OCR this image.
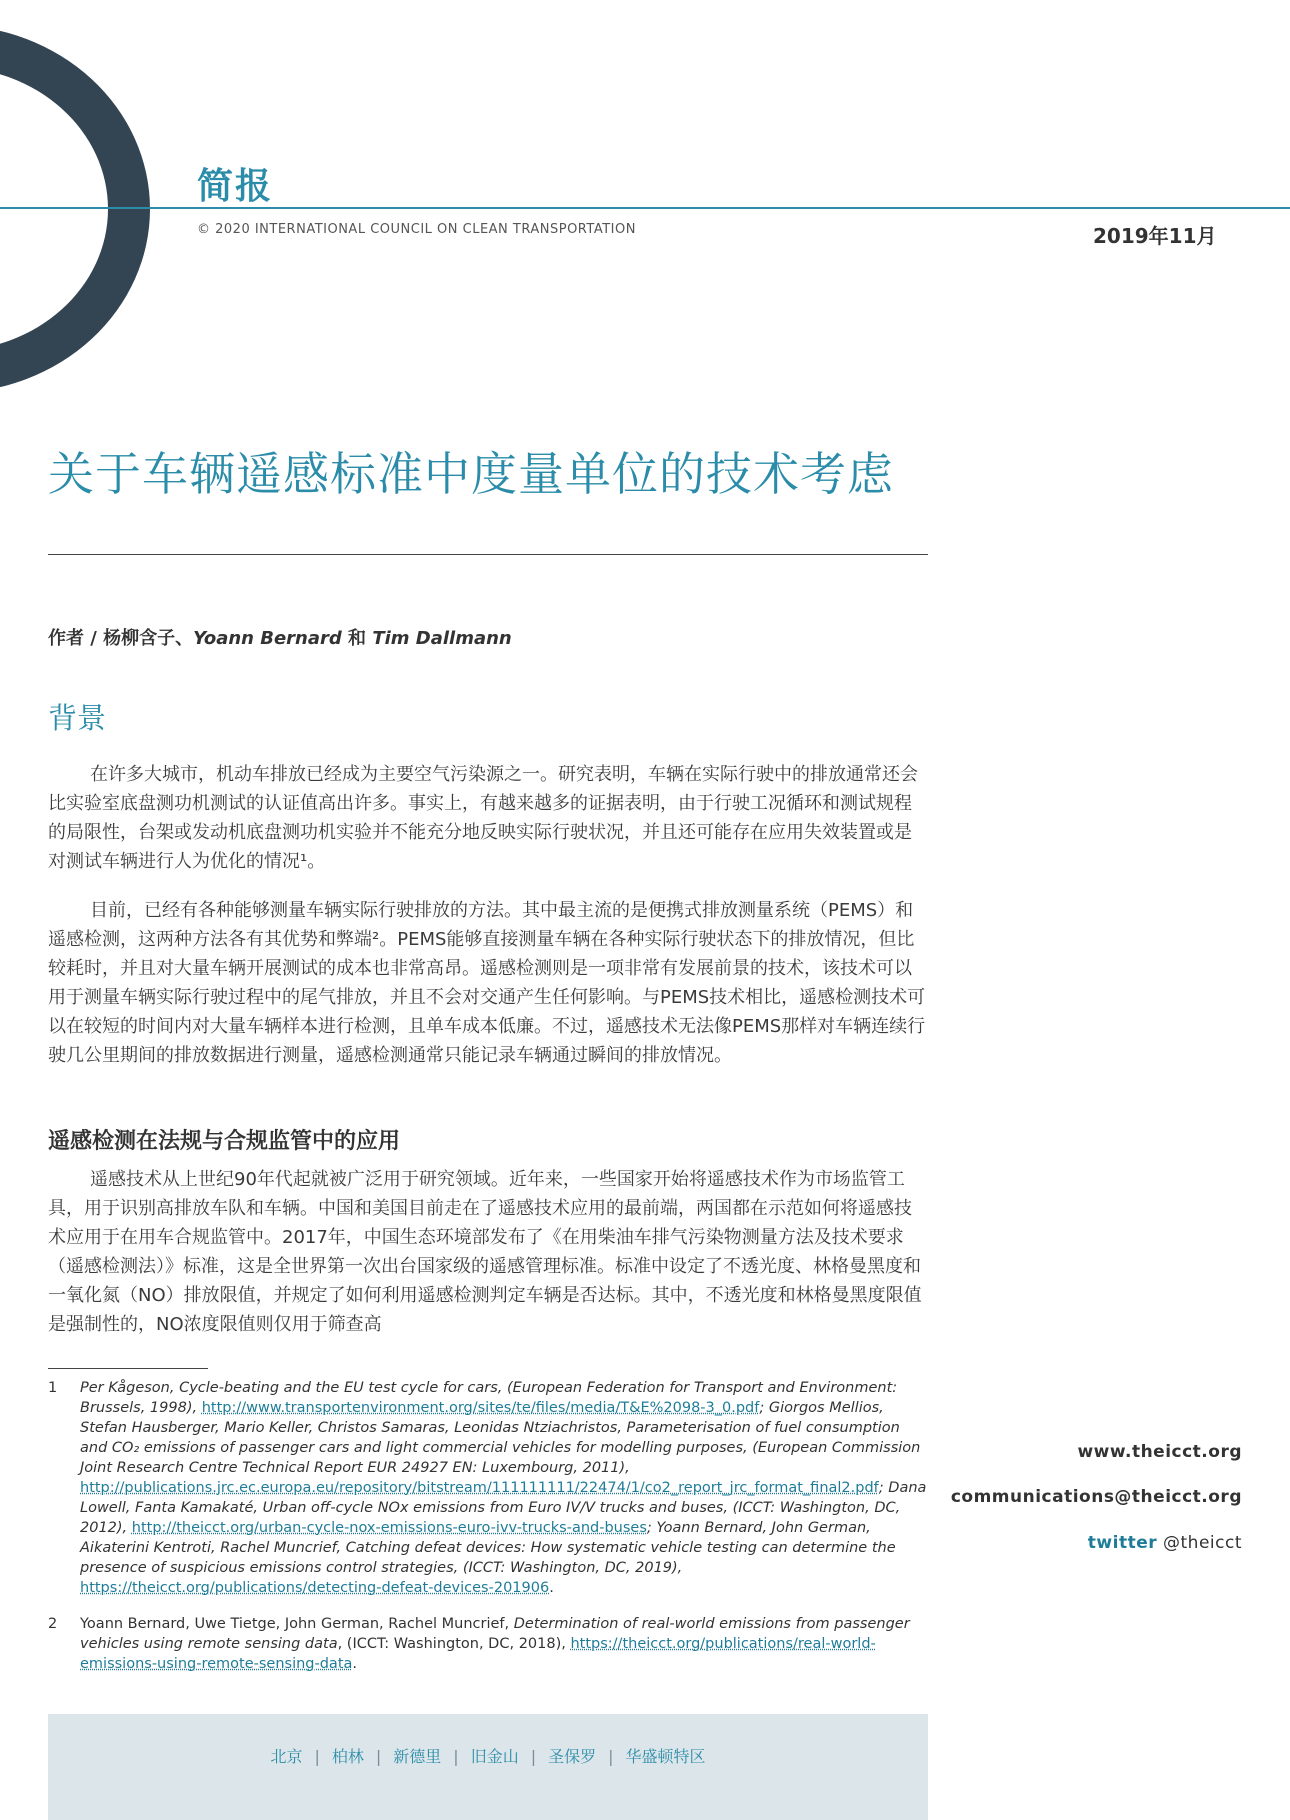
简报
© 2020 INTERNATIONAL COUNCIL ON CLEAN TRANSPORTATION	2019年11月
关于车辆遥感标准中度量单位的技术考虑
作者 / 杨柳含子、Yoann Bernard 和 Tim Dallmann
背景

在许多大城市，机动车排放已经成为主要空气污染源之一。研究表明，车辆在实际行驶中的排放通常还会比实验室底盘测功机测试的认证值高出许多。事实上，有越来越多的证据表明，由于行驶工况循环和测试规程的局限性，台架或发动机底盘测功机实验并不能充分地反映实际行驶状况，并且还可能存在应用失效装置或是对测试车辆进行人为优化的情况¹。

目前，已经有各种能够测量车辆实际行驶排放的方法。其中最主流的是便携式排放测量系统（PEMS）和遥感检测，这两种方法各有其优势和弊端²。PEMS能够直接测量车辆在各种实际行驶状态下的排放情况，但比较耗时，并且对大量车辆开展测试的成本也非常高昂。遥感检测则是一项非常有发展前景的技术，该技术可以用于测量车辆实际行驶过程中的尾气排放，并且不会对交通产生任何影响。与PEMS技术相比，遥感检测技术可以在较短的时间内对大量车辆样本进行检测，且单车成本低廉。不过，遥感技术无法像PEMS那样对车辆连续行驶几公里期间的排放数据进行测量，遥感检测通常只能记录车辆通过瞬间的排放情况。

遥感检测在法规与合规监管中的应用

遥感技术从上世纪90年代起就被广泛用于研究领域。近年来，一些国家开始将遥感技术作为市场监管工具，用于识别高排放车队和车辆。中国和美国目前走在了遥感技术应用的最前端，两国都在示范如何将遥感技术应用于在用车合规监管中。2017年，中国生态环境部发布了《在用柴油车排气污染物测量方法及技术要求（遥感检测法）》标准，这是全世界第一次出台国家级的遥感管理标准。标准中设定了不透光度、林格曼黑度和一氧化氮（NO）排放限值，并规定了如何利用遥感检测判定车辆是否达标。其中，不透光度和林格曼黑度限值是强制性的，NO浓度限值则仅用于筛查高

1 Per Kågeson, Cycle-beating and the EU test cycle for cars, (European Federation for Transport and Environment: Brussels, 1998), http://www.transportenvironment.org/sites/te/files/media/T&E%2098-3_0.pdf; Giorgos Mellios, Stefan Hausberger, Mario Keller, Christos Samaras, Leonidas Ntziachristos, Parameterisation of fuel consumption and CO₂ emissions of passenger cars and light commercial vehicles for modelling purposes, (European Commission Joint Research Centre Technical Report EUR 24927 EN: Luxembourg, 2011), http://publications.jrc.ec.europa.eu/repository/bitstream/111111111/22474/1/co2_report_jrc_format_final2.pdf; Dana Lowell, Fanta Kamakaté, Urban off-cycle NOx emissions from Euro IV/V trucks and buses, (ICCT: Washington, DC, 2012), http://theicct.org/urban-cycle-nox-emissions-euro-ivv-trucks-and-buses; Yoann Bernard, John German, Aikaterini Kentroti, Rachel Muncrief, Catching defeat devices: How systematic vehicle testing can determine the presence of suspicious emissions control strategies, (ICCT: Washington, DC, 2019), https://theicct.org/publications/detecting-defeat-devices-201906.

2 Yoann Bernard, Uwe Tietge, John German, Rachel Muncrief, Determination of real-world emissions from passenger vehicles using remote sensing data, (ICCT: Washington, DC, 2018), https://theicct.org/publications/real-world-emissions-using-remote-sensing-data.

www.theicct.org
communications@theicct.org
twitter @theicct
北京 | 柏林 | 新德里 | 旧金山 | 圣保罗 | 华盛顿特区
